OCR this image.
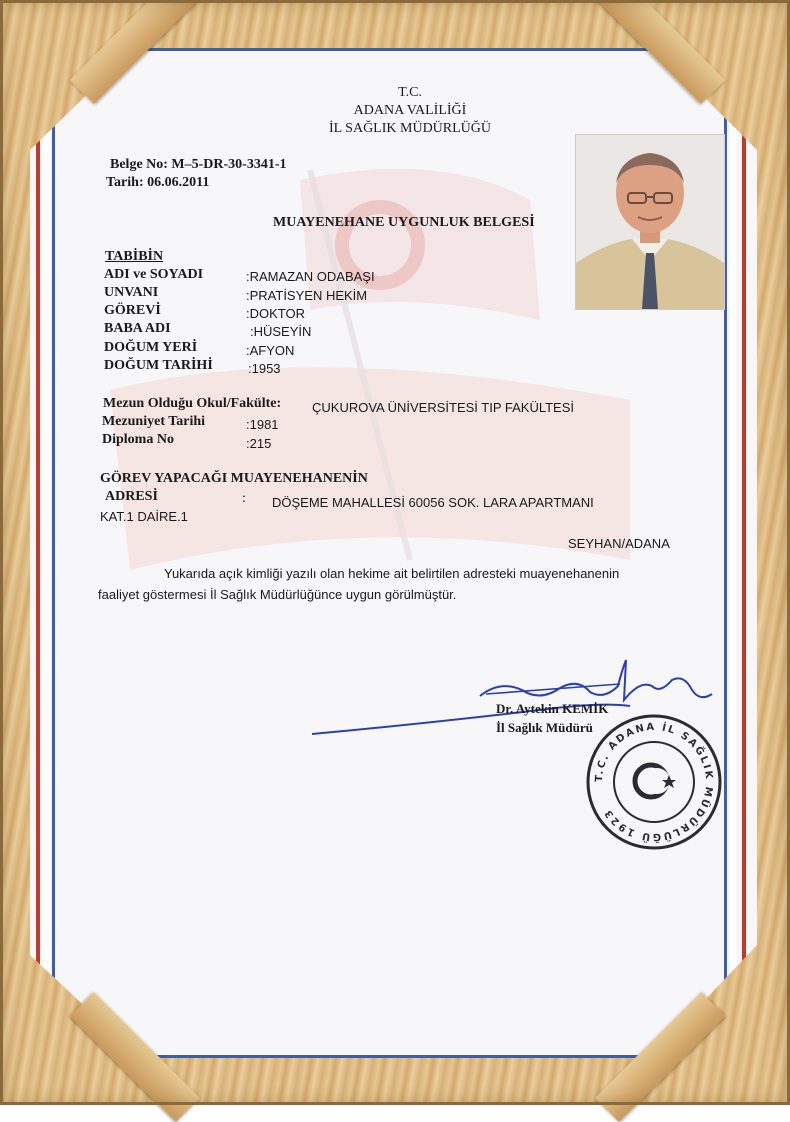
T.C.
ADANA VALİLİĞİ
İL SAĞLIK MÜDÜRLÜĞÜ
Belge No: M–5-DR-30-3341-1
Tarih: 06.06.2011
MUAYENEHANE UYGUNLUK BELGESİ
TABİBİN
ADI ve SOYADI	:RAMAZAN ODABAŞI
UNVANI	:PRATİSYEN HEKİM
GÖREVİ	:DOKTOR
BABA ADI	:HÜSEYİN
DOĞUM YERİ	:AFYON
DOĞUM TARİHİ	:1953
Mezun Olduğu Okul/Fakülte: ÇUKUROVA ÜNİVERSİTESİ TIP FAKÜLTESİ
Mezuniyet Tarihi	:1981
Diploma No	:215
GÖREV YAPACAĞI MUAYENEHANENİN
ADRESİ	: DÖŞEME MAHALLESİ 60056 SOK. LARA APARTMANI
KAT.1 DAİRE.1
SEYHAN/ADANA
Yukarıda açık kimliği yazılı olan hekime ait belirtilen adresteki muayenehanenin
faaliyet göstermesi İl Sağlık Müdürlüğünce uygun görülmüştür.
Dr. Aytekin KEMİK
İl Sağlık Müdürü
T.C. ADANA İL SAĞLIK MÜDÜRLÜĞÜ 1923
